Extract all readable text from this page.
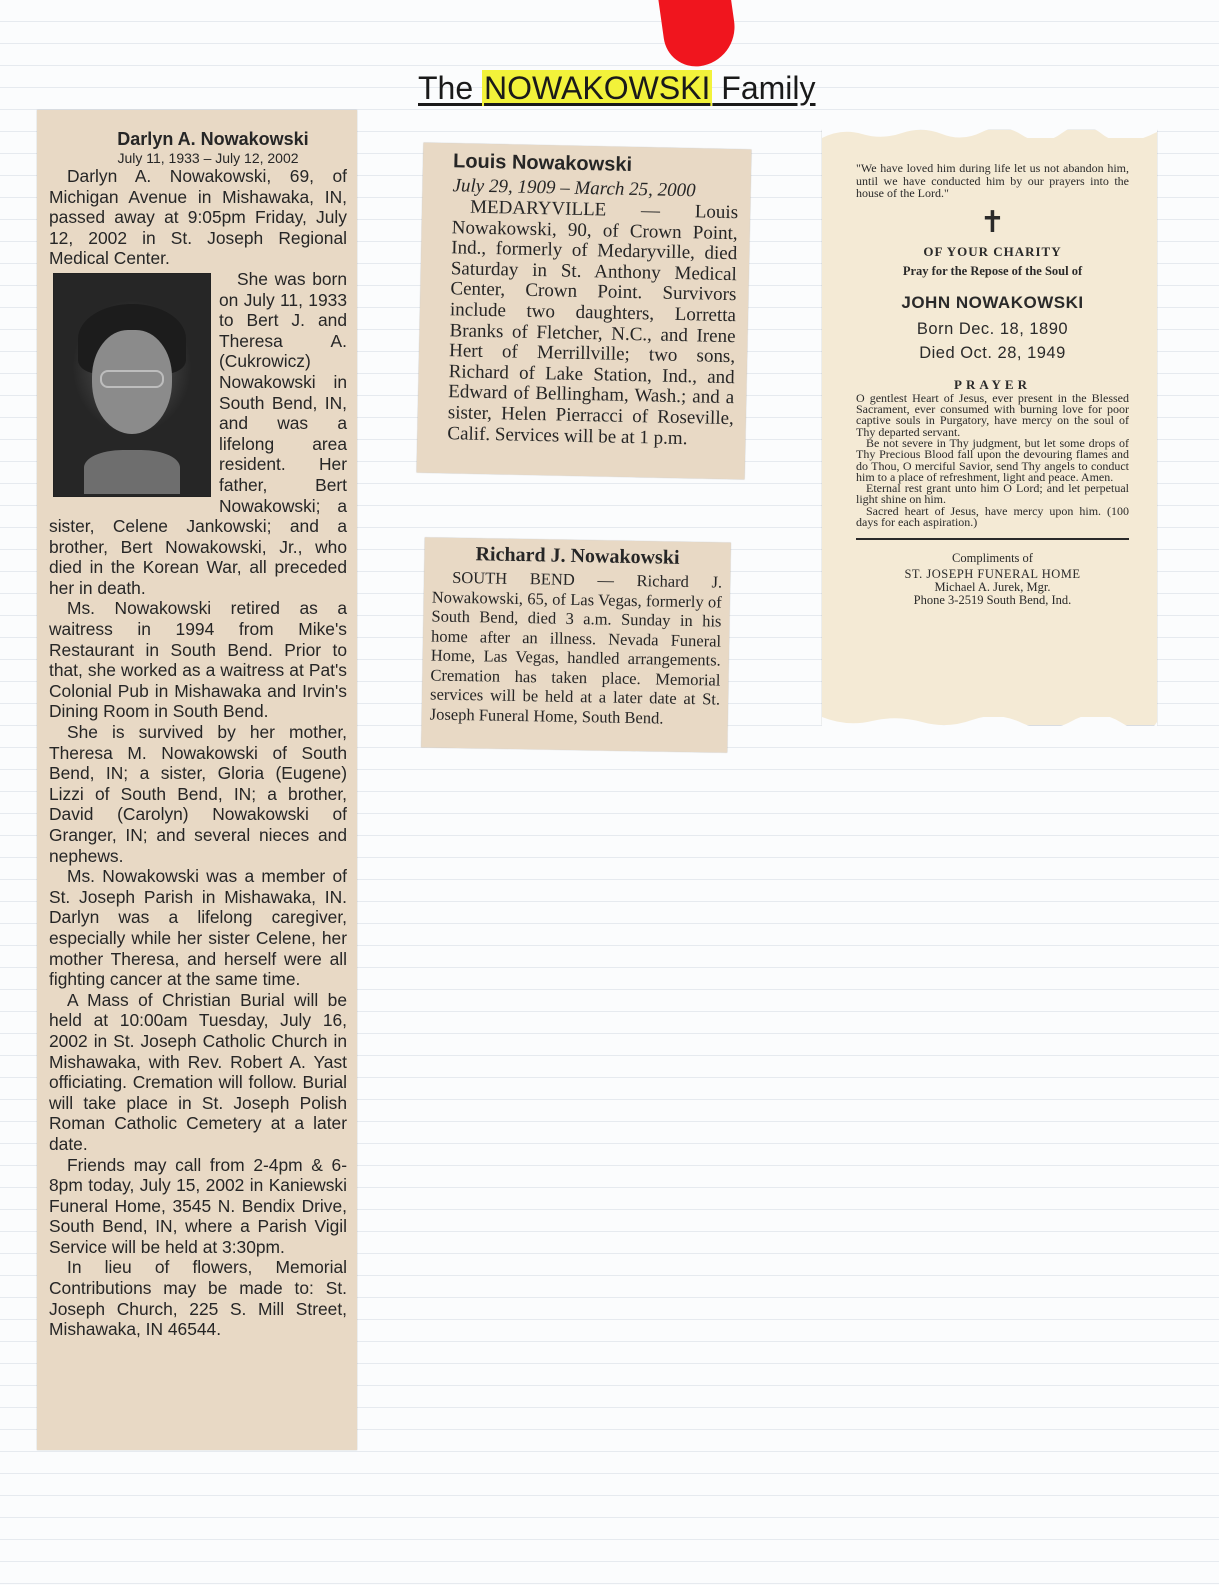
The NOWAKOWSKI Family
Darlyn A. Nowakowski
July 11, 1933 – July 12, 2002

Darlyn A. Nowakowski, 69, of Michigan Avenue in Mishawaka, IN, passed away at 9:05pm Friday, July 12, 2002 in St. Joseph Regional Medical Center.

She was born on July 11, 1933 to Bert J. and Theresa A. (Cukrowicz) Nowakowski in South Bend, IN, and was a lifelong area resident. Her father, Bert Nowakowski; a sister, Celene Jankowski; and a brother, Bert Nowakowski, Jr., who died in the Korean War, all preceded her in death.

Ms. Nowakowski retired as a waitress in 1994 from Mike's Restaurant in South Bend. Prior to that, she worked as a waitress at Pat's Colonial Pub in Mishawaka and Irvin's Dining Room in South Bend.

She is survived by her mother, Theresa M. Nowakowski of South Bend, IN; a sister, Gloria (Eugene) Lizzi of South Bend, IN; a brother, David (Carolyn) Nowakowski of Granger, IN; and several nieces and nephews.

Ms. Nowakowski was a member of St. Joseph Parish in Mishawaka, IN. Darlyn was a lifelong caregiver, especially while her sister Celene, her mother Theresa, and herself were all fighting cancer at the same time.

A Mass of Christian Burial will be held at 10:00am Tuesday, July 16, 2002 in St. Joseph Catholic Church in Mishawaka, with Rev. Robert A. Yast officiating. Cremation will follow. Burial will take place in St. Joseph Polish Roman Catholic Cemetery at a later date.

Friends may call from 2-4pm & 6-8pm today, July 15, 2002 in Kaniewski Funeral Home, 3545 N. Bendix Drive, South Bend, IN, where a Parish Vigil Service will be held at 3:30pm.

In lieu of flowers, Memorial Contributions may be made to: St. Joseph Church, 225 S. Mill Street, Mishawaka, IN 46544.

Louis Nowakowski
July 29, 1909 – March 25, 2000

MEDARYVILLE — Louis Nowakowski, 90, of Crown Point, Ind., formerly of Medaryville, died Saturday in St. Anthony Medical Center, Crown Point. Survivors include two daughters, Lorretta Branks of Fletcher, N.C., and Irene Hert of Merrillville; two sons, Richard of Lake Station, Ind., and Edward of Bellingham, Wash.; and a sister, Helen Pierracci of Roseville, Calif. Services will be at 1 p.m.

Richard J. Nowakowski

SOUTH BEND — Richard J. Nowakowski, 65, of Las Vegas, formerly of South Bend, died 3 a.m. Sunday in his home after an illness. Nevada Funeral Home, Las Vegas, handled arrangements. Cremation has taken place. Memorial services will be held at a later date at St. Joseph Funeral Home, South Bend.

"We have loved him during life let us not abandon him, until we have conducted him by our prayers into the house of the Lord."
✝
OF YOUR CHARITY
Pray for the Repose of the Soul of
JOHN NOWAKOWSKI
Born Dec. 18, 1890
Died Oct. 28, 1949
PRAYER

O gentlest Heart of Jesus, ever present in the Blessed Sacrament, ever consumed with burning love for poor captive souls in Purgatory, have mercy on the soul of Thy departed servant.

Be not severe in Thy judgment, but let some drops of Thy Precious Blood fall upon the devouring flames and do Thou, O merciful Savior, send Thy angels to conduct him to a place of refreshment, light and peace. Amen.

Eternal rest grant unto him O Lord; and let perpetual light shine on him.

Sacred heart of Jesus, have mercy upon him. (100 days for each aspiration.)

Compliments of
ST. JOSEPH FUNERAL HOME
Michael A. Jurek, Mgr.
Phone 3-2519 South Bend, Ind.
